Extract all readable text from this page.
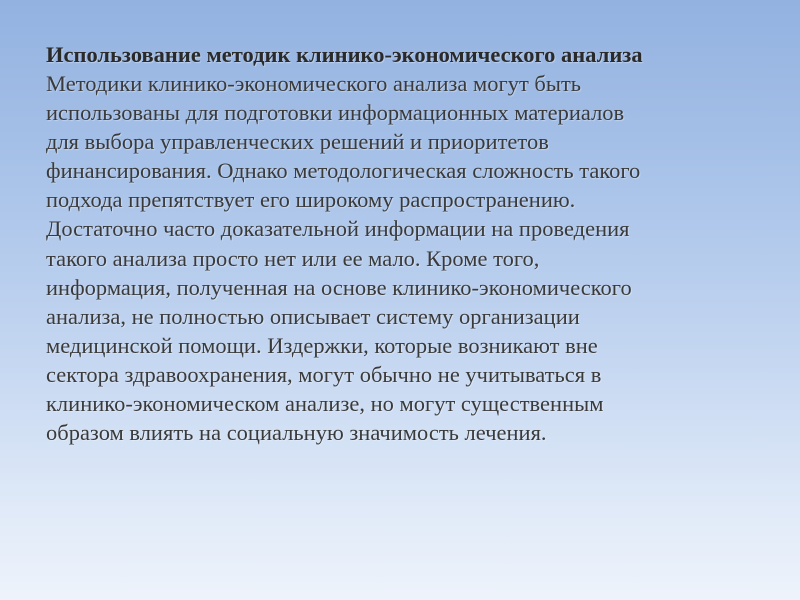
Использование методик клинико-экономического анализа

Методики клинико-экономического анализа могут быть

использованы для подготовки информационных материалов

для выбора управленческих решений и приоритетов

финансирования. Однако методологическая сложность такого

подхода препятствует его широкому распространению.

Достаточно часто доказательной информации на проведения

такого анализа просто нет или ее мало. Кроме того,

информация, полученная на основе клинико-экономического

анализа, не полностью описывает систему организации

медицинской помощи. Издержки, которые возникают вне

сектора здравоохранения, могут обычно не учитываться в

клинико-экономическом анализе, но могут существенным

образом влиять на социальную значимость лечения.
